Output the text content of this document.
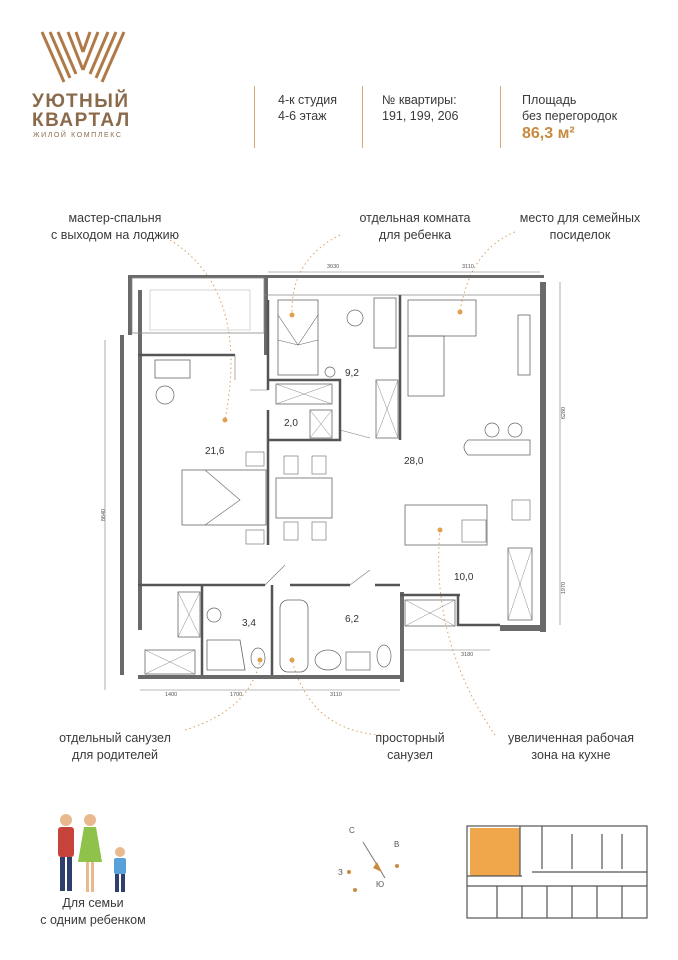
УЮТНЫЙ
КВАРТАЛ
ЖИЛОЙ КОМПЛЕКС
4-к студия
4-6 этаж
№ квартиры:
191, 199, 206
Площадь
без перегородок
86,3 м²
мастер-спальня
с выходом на лоджию
отдельная комната
для ребенка
место для семейных
посиделок
21,6
9,2
2,0
28,0
10,0
3,4	6,2
3030	3110
6280
1970
8640
1400	1700	3110
3180
отдельный санузел
для родителей
просторный
санузел
увеличенная рабочая
зона на кухне
Для семьи
с одним ребенком
С
В
Ю
З
